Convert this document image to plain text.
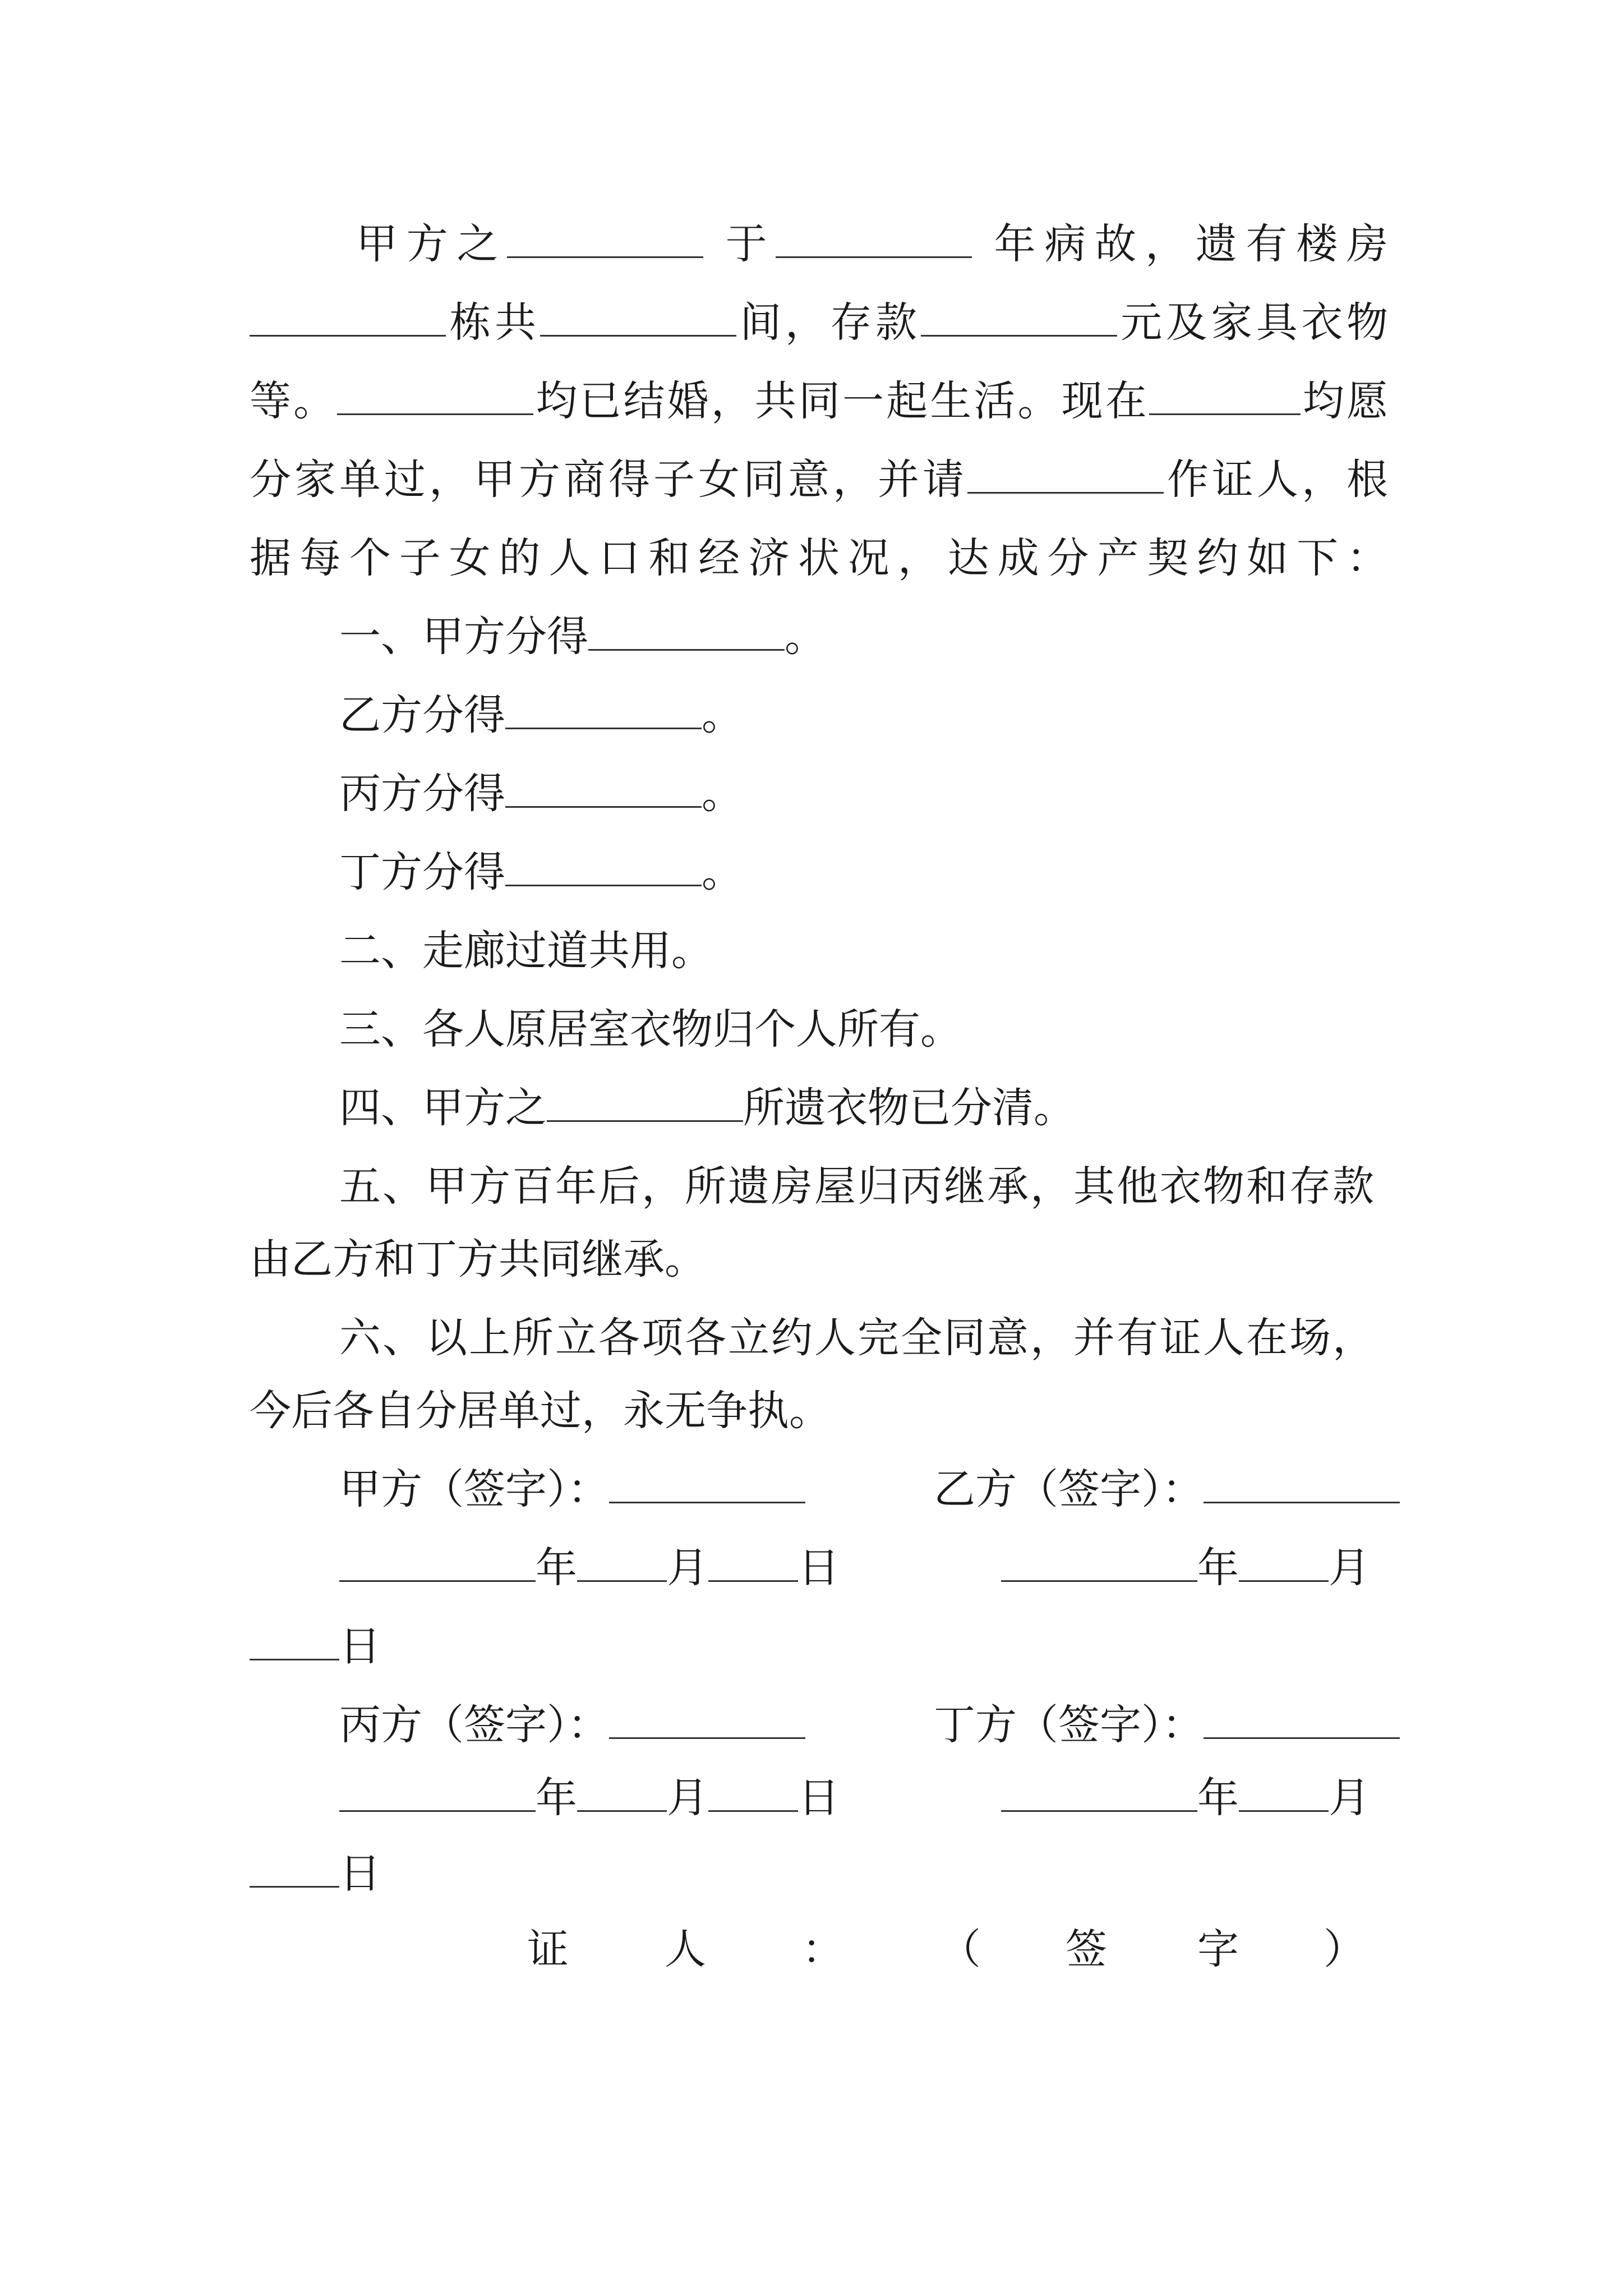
甲方之	于	年病故，遗有楼房
栋共	间，存款	元及家具衣物
等。	均已结婚，共同一起生活。现在	均愿
分家单过，甲方商得子女同意，并请	作证人，根
据每个子女的人口和经济状况，达成分产契约如下：
一、甲方分得	。
乙方分得	。
丙方分得	。
丁方分得	。
二、走廊过道共用。
三、各人原居室衣物归个人所有。
四、甲方之	所遗衣物已分清。
五、甲方百年后，所遗房屋归丙继承，其他衣物和存款
由乙方和丁方共同继承。
六、以上所立各项各立约人完全同意，并有证人在场，
今后各自分居单过，永无争执。
甲方（签字）：	乙方（签字）：
年 月 日	年 月
日
丙方（签字）：	丁方（签字）：
年 月 日	年 月
日
证 人 ： （ 签 字 ）
